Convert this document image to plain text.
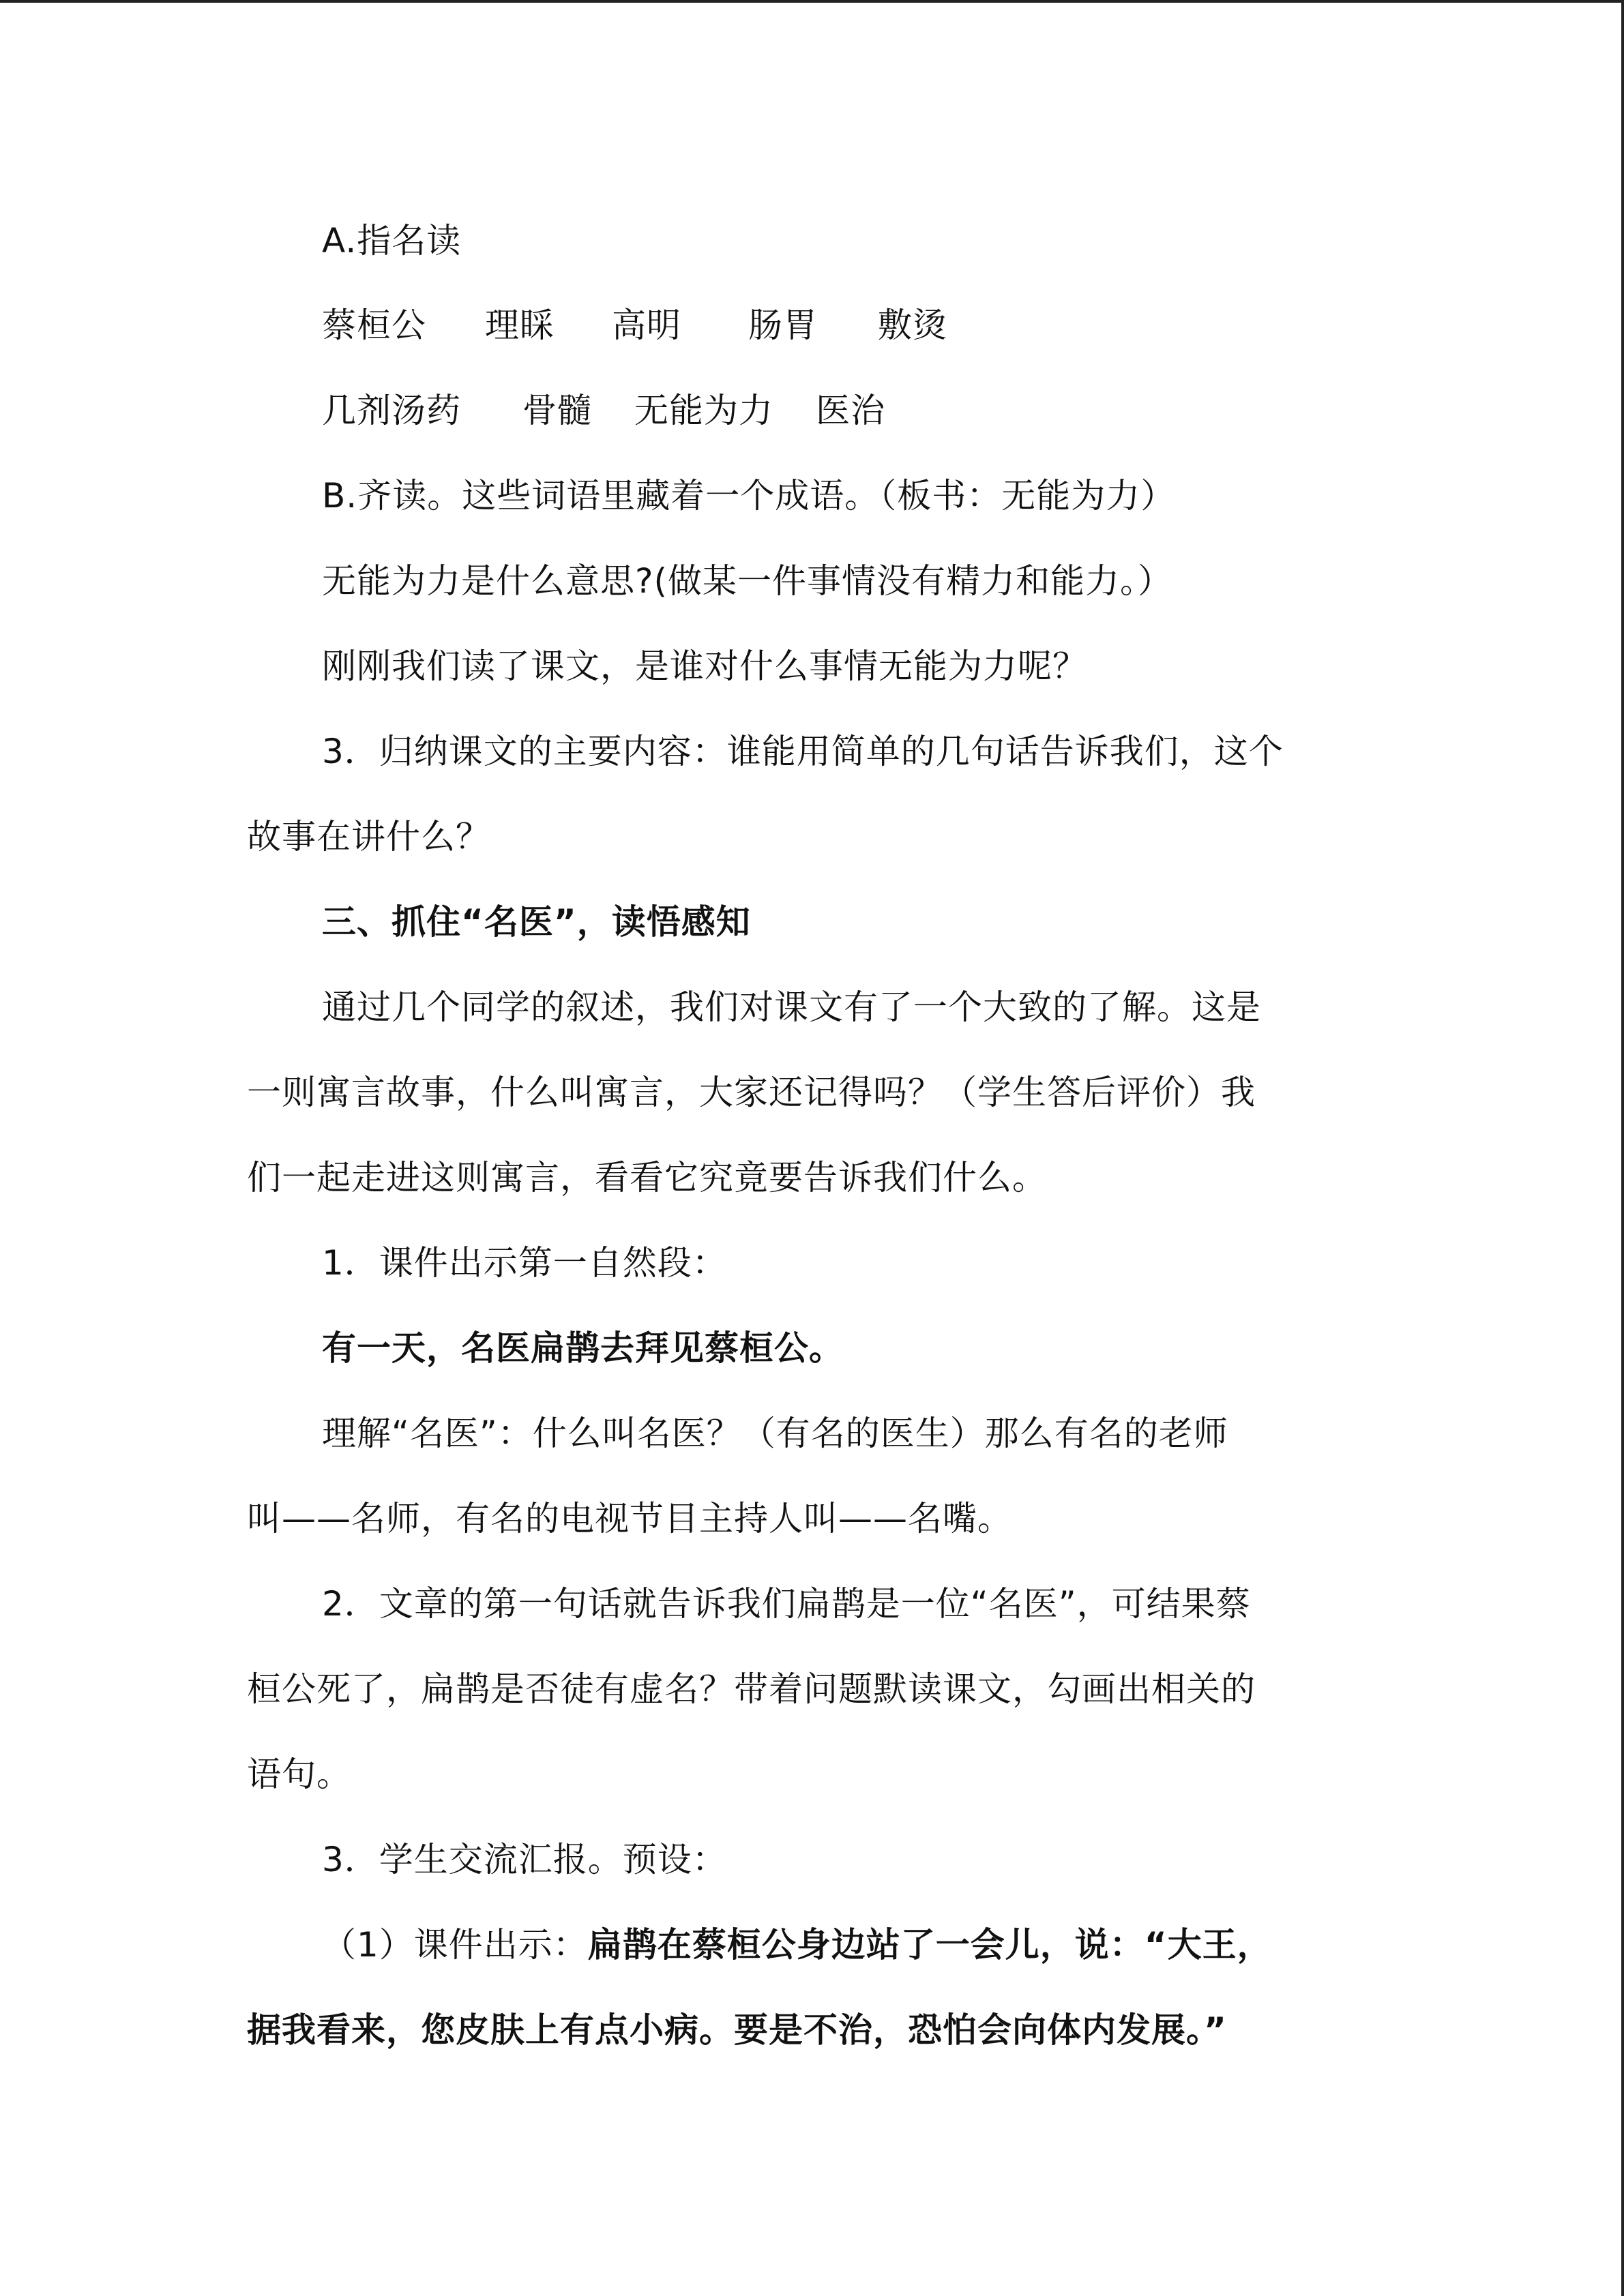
A.指名读
蔡桓公 理睬 高明 肠胃 敷烫
几剂汤药 骨髓 无能为力 医治
B.齐读。这些词语里藏着一个成语。（板书：无能为力）
无能为力是什么意思?(做某一件事情没有精力和能力。）
刚刚我们读了课文，是谁对什么事情无能为力呢？
3．归纳课文的主要内容：谁能用简单的几句话告诉我们，这个
故事在讲什么？
三、抓住“名医”，读悟感知
通过几个同学的叙述，我们对课文有了一个大致的了解。这是
一则寓言故事，什么叫寓言，大家还记得吗？（学生答后评价）我
们一起走进这则寓言，看看它究竟要告诉我们什么。
1．课件出示第一自然段：
有一天，名医扁鹊去拜见蔡桓公。
理解“名医”：什么叫名医？（有名的医生）那么有名的老师
叫——名师，有名的电视节目主持人叫——名嘴。
2．文章的第一句话就告诉我们扁鹊是一位“名医”，可结果蔡
桓公死了，扁鹊是否徒有虚名？带着问题默读课文，勾画出相关的
语句。
3．学生交流汇报。预设：
（1）课件出示：扁鹊在蔡桓公身边站了一会儿，说：“大王，
据我看来，您皮肤上有点小病。要是不治，恐怕会向体内发展。”
